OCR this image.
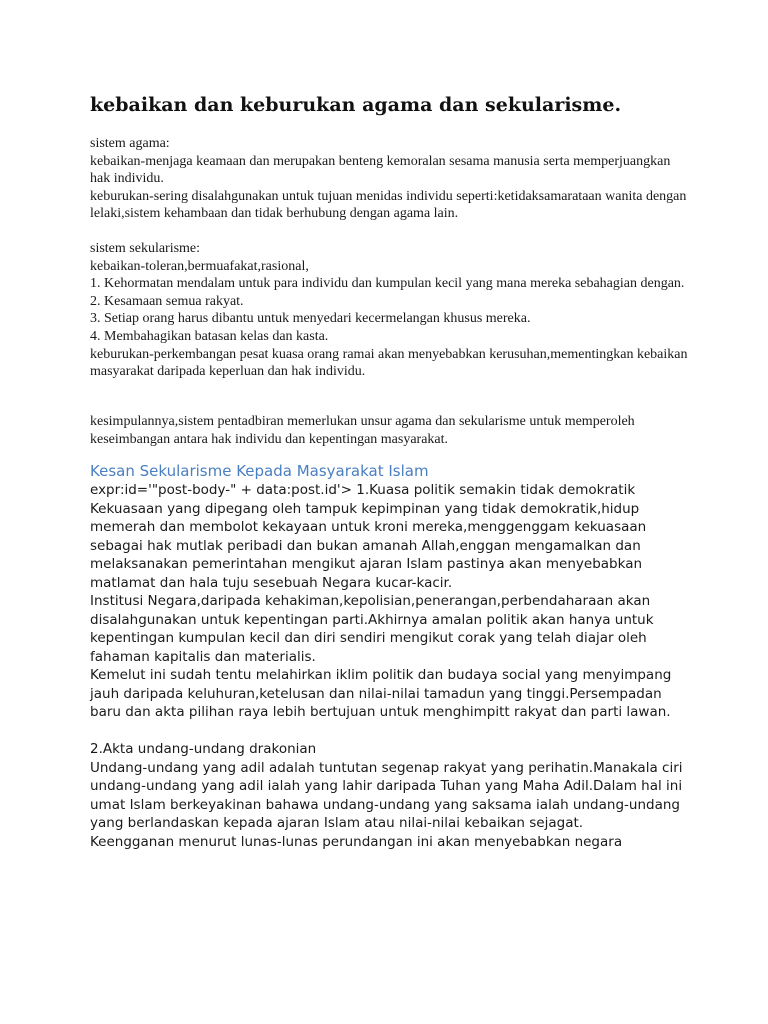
kebaikan dan keburukan agama dan sekularisme.

sistem agama:

kebaikan-menjaga keamaan dan merupakan benteng kemoralan sesama manusia serta memperjuangkan hak individu.

keburukan-sering disalahgunakan untuk tujuan menidas individu seperti:ketidaksamarataan wanita dengan lelaki,sistem kehambaan dan tidak berhubung dengan agama lain.

sistem sekularisme:

kebaikan-toleran,bermuafakat,rasional,

1. Kehormatan mendalam untuk para individu dan kumpulan kecil yang mana mereka sebahagian dengan.

2. Kesamaan semua rakyat.

3. Setiap orang harus dibantu untuk menyedari kecermelangan khusus mereka.

4. Membahagikan batasan kelas dan kasta.

keburukan-perkembangan pesat kuasa orang ramai akan menyebabkan kerusuhan,mementingkan kebaikan masyarakat daripada keperluan dan hak individu.

kesimpulannya,sistem pentadbiran memerlukan unsur agama dan sekularisme untuk memperoleh keseimbangan antara hak individu dan kepentingan masyarakat.

Kesan Sekularisme Kepada Masyarakat Islam

expr:id='"post-body-" + data:post.id'> 1.Kuasa politik semakin tidak demokratik Kekuasaan yang dipegang oleh tampuk kepimpinan yang tidak demokratik,hidup memerah dan membolot kekayaan untuk kroni mereka,menggenggam kekuasaan sebagai hak mutlak peribadi dan bukan amanah Allah,enggan mengamalkan dan melaksanakan pemerintahan mengikut ajaran Islam pastinya akan menyebabkan matlamat dan hala tuju sesebuah Negara kucar-kacir.

Institusi Negara,daripada kehakiman,kepolisian,penerangan,perbendaharaan akan disalahgunakan untuk kepentingan parti.Akhirnya amalan politik akan hanya untuk kepentingan kumpulan kecil dan diri sendiri mengikut corak yang telah diajar oleh fahaman kapitalis dan materialis.

Kemelut ini sudah tentu melahirkan iklim politik dan budaya social yang menyimpang jauh daripada keluhuran,ketelusan dan nilai-nilai tamadun yang tinggi.Persempadan baru dan akta pilihan raya lebih bertujuan untuk menghimpitt rakyat dan parti lawan.

2.Akta undang-undang drakonian

Undang-undang yang adil adalah tuntutan segenap rakyat yang perihatin.Manakala ciri undang-undang yang adil ialah yang lahir daripada Tuhan yang Maha Adil.Dalam hal ini umat Islam berkeyakinan bahawa undang-undang yang saksama ialah undang-undang yang berlandaskan kepada ajaran Islam atau nilai-nilai kebaikan sejagat.

Keengganan menurut lunas-lunas perundangan ini akan menyebabkan negara
